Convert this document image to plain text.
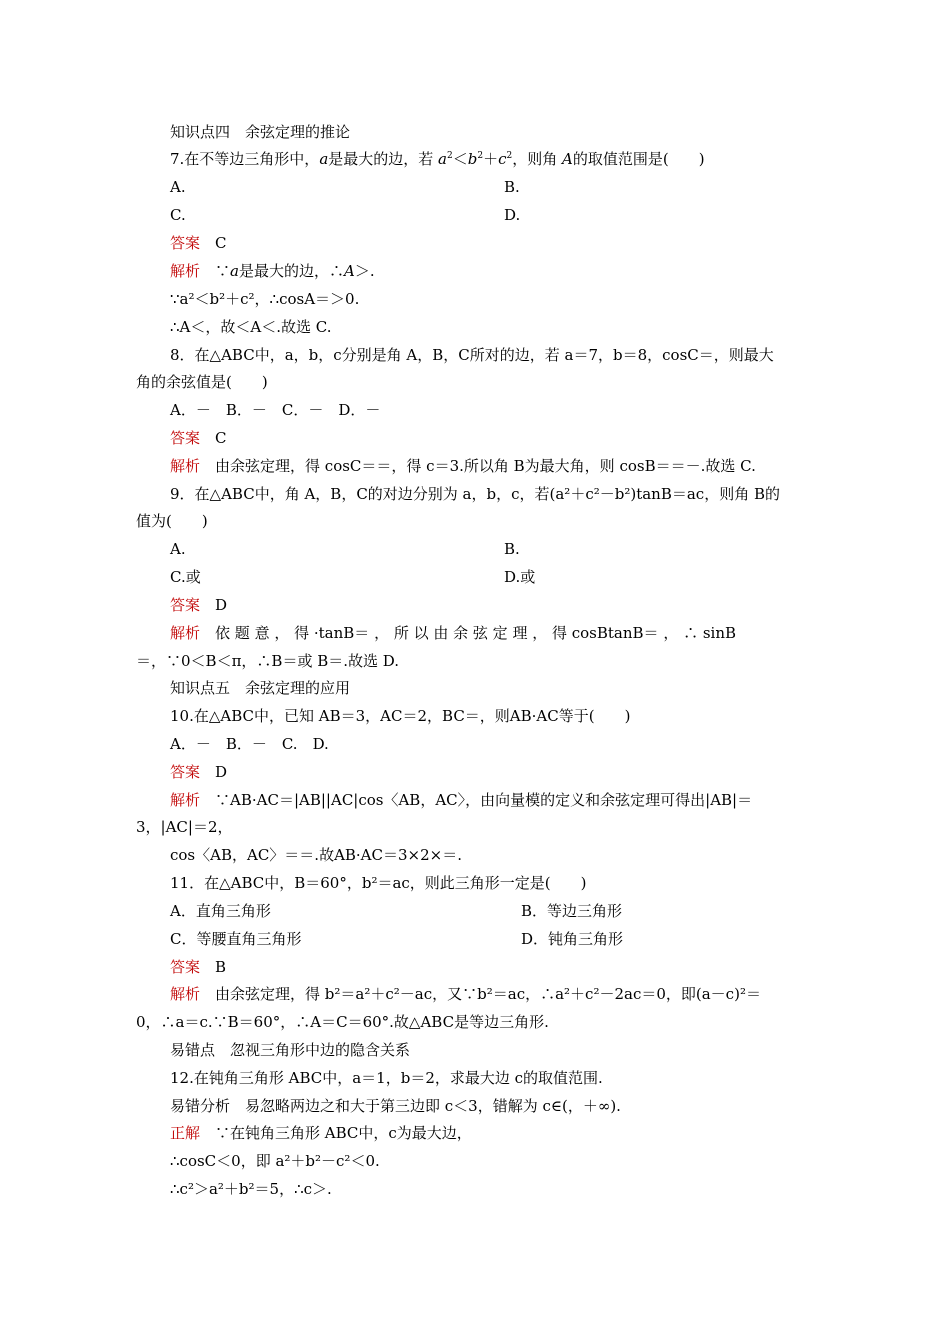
知识点四　余弦定理的推论
7.在不等边三角形中，a是最大的边，若 $a^2<b^2+c^2$，则角 A的取值范围是(　　)
A.	B.
C.	D.
答案　 C
解析　 ∵a是最大的边，∴A＞.
∵a²＜b²＋c²，∴cosA＝＞0.
∴A＜，故＜A＜.故选 C.
8．在△ABC中，a，b，c分别是角 A，B，C所对的边，若 a＝7，b＝8，cosC＝，则最大
角的余弦值是(　　)
A．－　B．－　C．－　D．－
答案　 C
解析　 由余弦定理，得 cosC＝＝，得 c＝3.所以角 B为最大角，则 cosB＝＝－.故选 C.
9．在△ABC中，角 A，B，C的对边分别为 a，b，c，若(a²＋c²－b²)tanB＝ac，则角 B的
值为(　　)
A.	B.
C.或	D.或
答案　 D
解析　 依 题 意 ， 得 ·tanB＝ ， 所 以 由 余 弦 定 理 ， 得 cosBtanB＝ ， ∴ sinB
＝，∵0＜B＜π，∴B＝或 B＝.故选 D.
知识点五　余弦定理的应用
10.在△ABC中，已知 AB＝3，AC＝2，BC＝，则AB·AC等于(　　)
A．－　B．－　C.　D.
答案　 D
解析　 ∵AB·AC＝|AB||AC|cos〈AB，AC〉，由向量模的定义和余弦定理可得出|AB|＝
3，|AC|＝2，
cos〈AB，AC〉＝＝.故AB·AC＝3×2×＝.
11．在△ABC中，B＝60°，b²＝ac，则此三角形一定是(　　)
A．直角三角形	B．等边三角形
C．等腰直角三角形	D．钝角三角形
答案　 B
解析　 由余弦定理，得 b²＝a²＋c²－ac，又∵b²＝ac，∴a²＋c²－2ac＝0，即(a－c)²＝
0，∴a＝c.∵B＝60°，∴A＝C＝60°.故△ABC是等边三角形.
易错点　忽视三角形中边的隐含关系
12.在钝角三角形 ABC中，a＝1，b＝2，求最大边 c的取值范围.
易错分析　易忽略两边之和大于第三边即 c＜3，错解为 c∈(，＋∞).
正解　 ∵在钝角三角形 ABC中，c为最大边，
∴cosC＜0，即 a²＋b²－c²＜0.
∴c²＞a²＋b²＝5，∴c＞.
